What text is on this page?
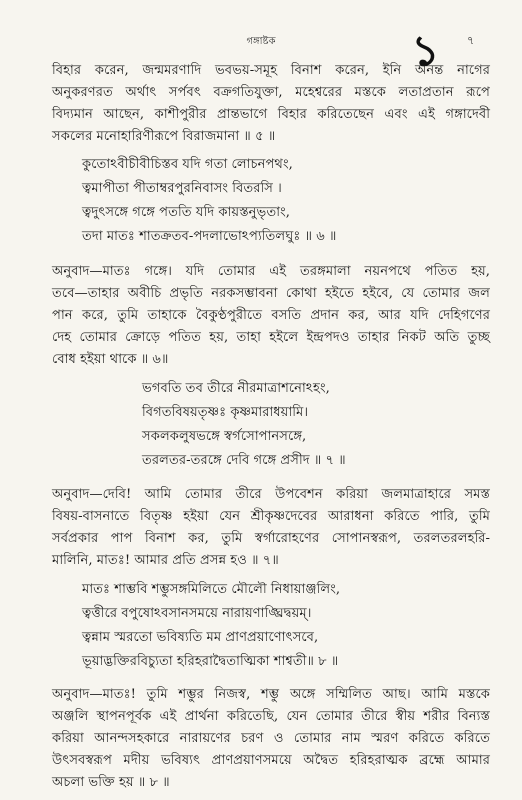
১
গঙ্গাষ্টক	৭

বিহার করেন, জন্মমরণাদি ভবভয়-সমূহ বিনাশ করেন, ইনি অনন্ত নাগের

অনুকরণরত অর্থাৎ সর্পবৎ বক্রগতিযুক্তা, মহেশ্বরের মস্তকে লতাপ্রতান রূপে

বিদ্যমান আছেন, কাশীপুরীর প্রান্তভাগে বিহার করিতেছেন এবং এই গঙ্গাদেবী

সকলের মনোহারিণীরূপে বিরাজমানা ॥ ৫ ॥

কুতোঽবীচীবীচিস্তব যদি গতা লোচনপথং,

ত্বমাপীতা পীতাম্বরপুরনিবাসং বিতরসি ।

ত্বদুৎসঙ্গে গঙ্গে পততি যদি কায়স্তনুভৃতাং,

তদা মাতঃ শাতক্রতব-পদলাভোঽপ্যতিলঘুঃ ॥ ৬ ॥

অনুবাদ—মাতঃ গঙ্গে। যদি তোমার এই তরঙ্গমালা নয়নপথে পতিত হয়,

তবে—তাহার অবীচি প্রভৃতি নরকসম্ভাবনা কোথা হইতে হইবে, যে তোমার জল

পান করে, তুমি তাহাকে বৈকুণ্ঠপুরীতে বসতি প্রদান কর, আর যদি দেহিগণের

দেহ তোমার ক্রোড়ে পতিত হয়, তাহা হইলে ইন্দ্রপদও তাহার নিকট অতি তুচ্ছ

বোধ হইয়া থাকে ॥ ৬॥

ভগবতি তব তীরে নীরমাত্রাশনোঽহং,

বিগতবিষয়তৃষ্ণঃ কৃষ্ণমারাধয়ামি।

সকলকলুষভঙ্গে স্বর্গসোপানসঙ্গে,

তরলতর-তরঙ্গে দেবি গঙ্গে প্রসীদ ॥ ৭ ॥

অনুবাদ—দেবি! আমি তোমার তীরে উপবেশন করিয়া জলমাত্রাহারে সমস্ত

বিষয়-বাসনাতে বিতৃষ্ণ হইয়া যেন শ্রীকৃষ্ণদেবের আরাধনা করিতে পারি, তুমি

সর্বপ্রকার পাপ বিনাশ কর, তুমি স্বর্গারোহণের সোপানস্বরূপ, তরলতরলহরি-

মালিনি, মাতঃ! আমার প্রতি প্রসন্ন হও ॥ ৭॥

মাতঃ শাম্ভবি শম্ভুসঙ্গমিলিতে মৌলৌ নিধায়াঞ্জলিং,

ত্বত্তীরে বপুষোঽবসানসময়ে নারায়ণাঙ্ঘ্রিদ্বয়ম্।

ত্বন্নাম স্মরতো ভবিষ্যতি মম প্রাণপ্রয়াণোৎসবে,

ভূয়াদ্ভক্তিরবিচ্যুতা হরিহরাদ্বৈতাত্মিকা শাশ্বতী॥ ৮ ॥

অনুবাদ—মাতঃ! তুমি শম্ভুর নিজস্ব, শম্ভু অঙ্গে সম্মিলিত আছ। আমি মস্তকে

অঞ্জলি স্থাপনপূর্বক এই প্রার্থনা করিতেছি, যেন তোমার তীরে স্বীয় শরীর বিন্যস্ত

করিয়া আনন্দসহকারে নারায়ণের চরণ ও তোমার নাম স্মরণ করিতে করিতে

উৎসবস্বরূপ মদীয় ভবিষ্যৎ প্রাণপ্রয়াণসময়ে অদ্বৈত হরিহরাত্মক ব্রহ্মে আমার

অচলা ভক্তি হয় ॥ ৮ ॥
